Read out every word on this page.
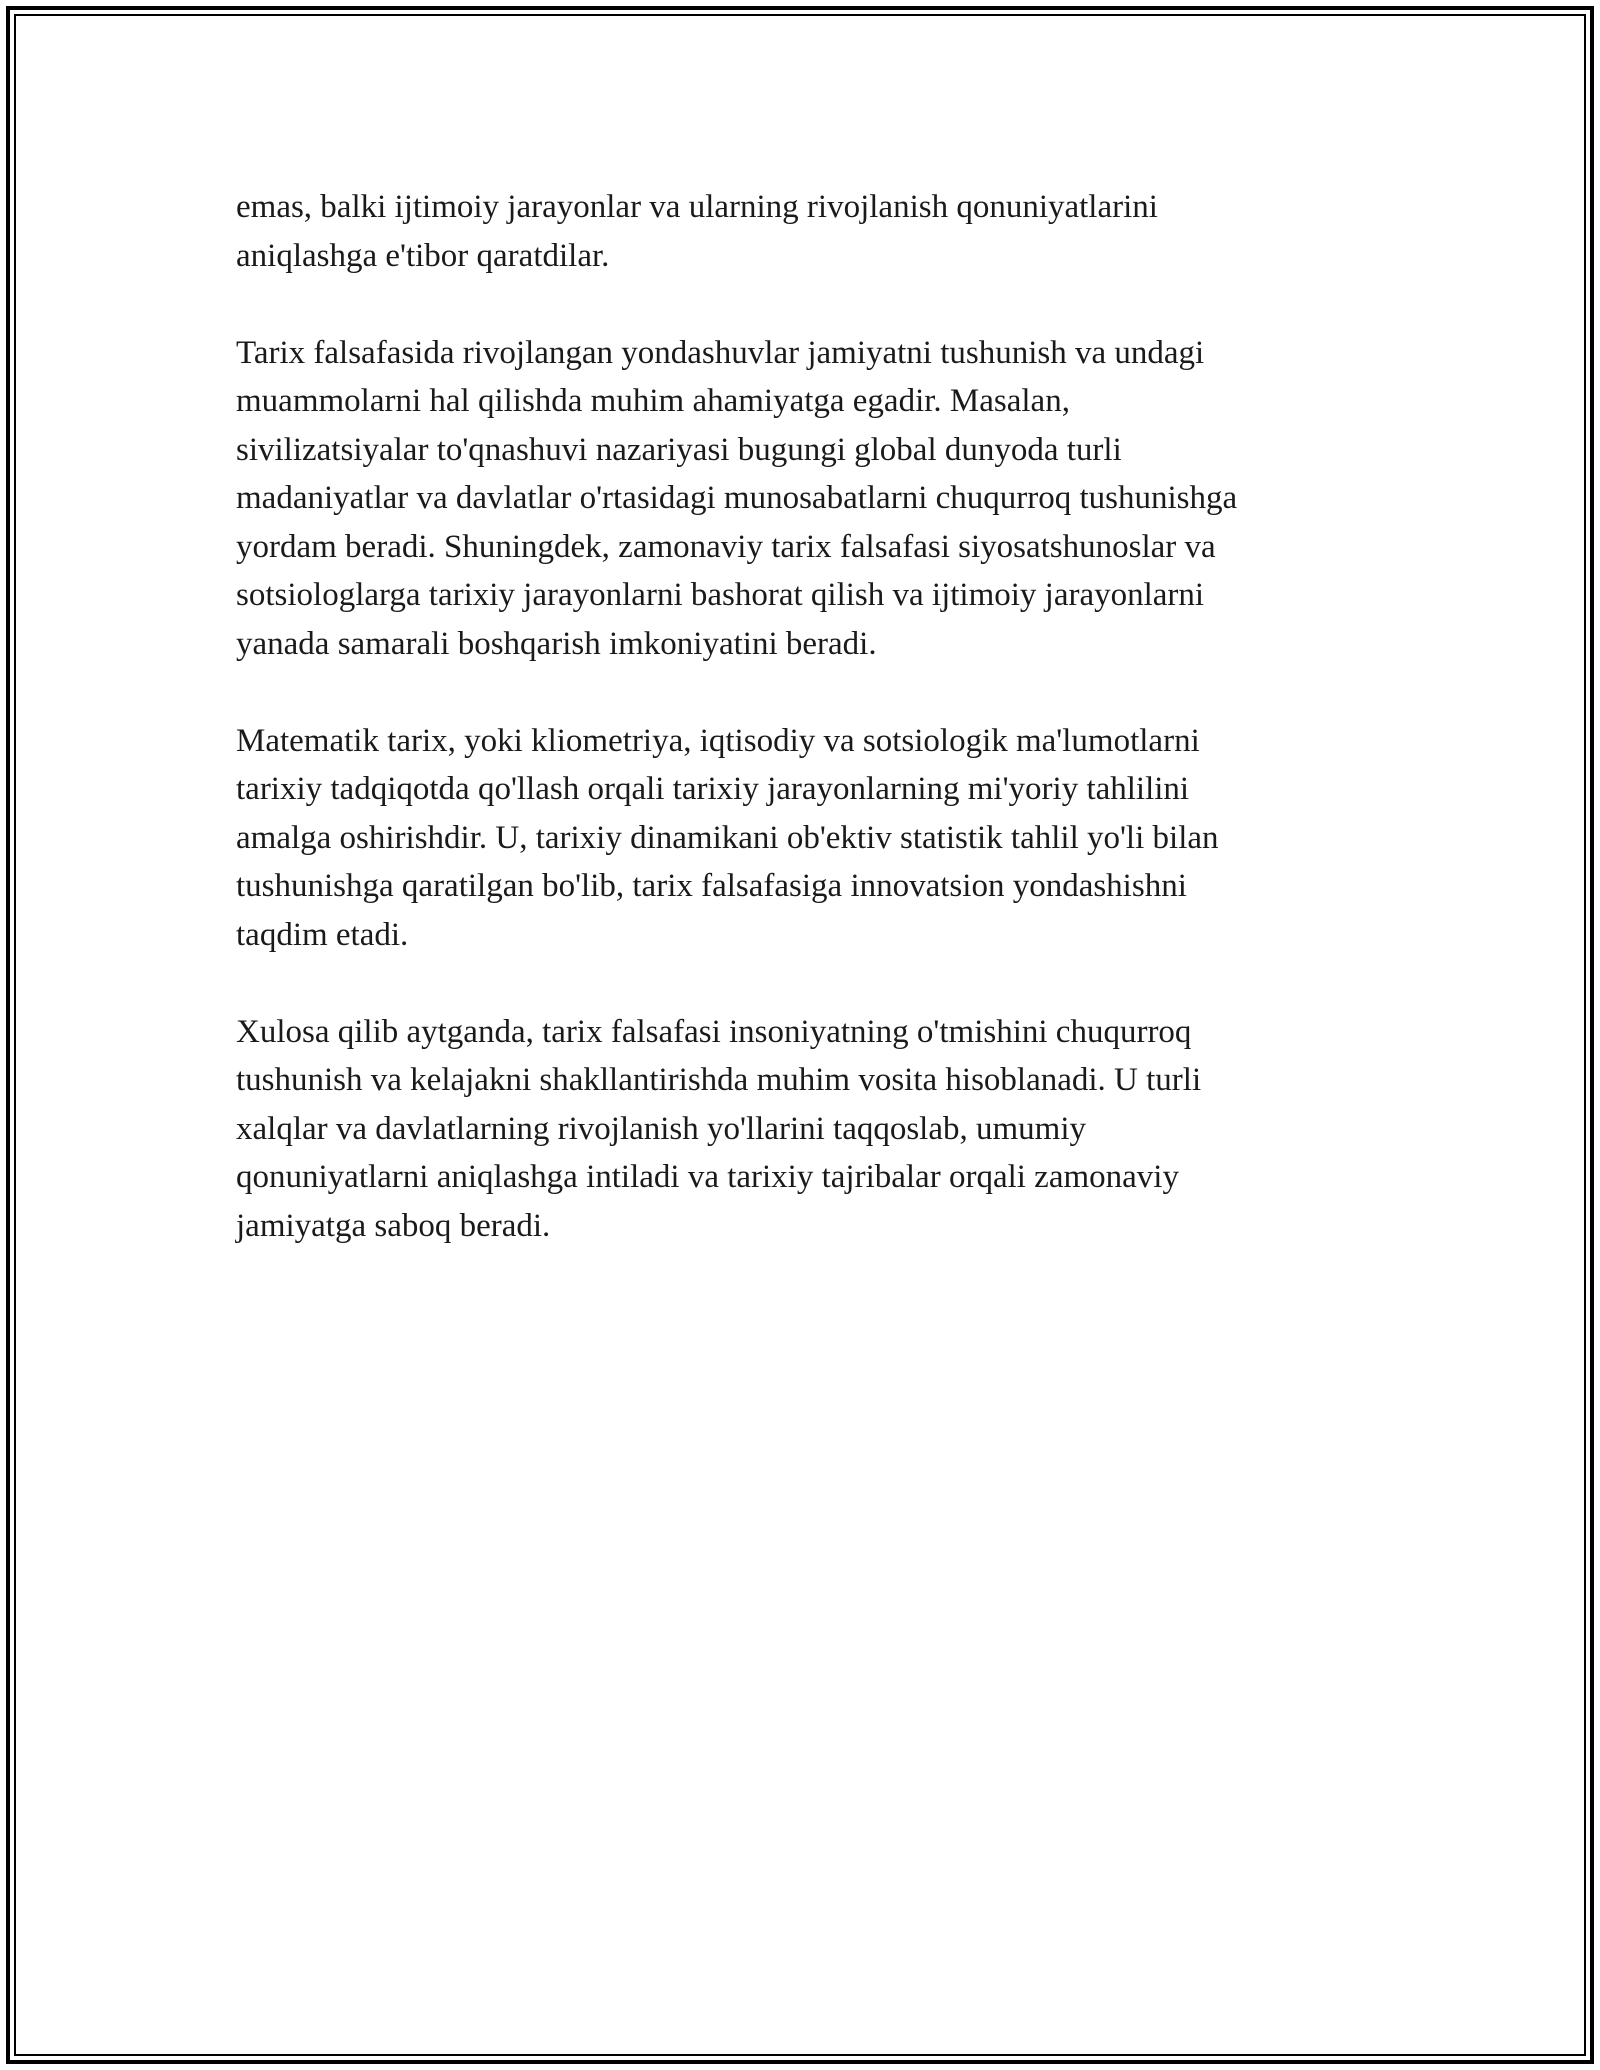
emas, balki ijtimoiy jarayonlar va ularning rivojlanish qonuniyatlarini
aniqlashga e'tibor qaratdilar.

Tarix falsafasida rivojlangan yondashuvlar jamiyatni tushunish va undagi
muammolarni hal qilishda muhim ahamiyatga egadir. Masalan,
sivilizatsiyalar to'qnashuvi nazariyasi bugungi global dunyoda turli
madaniyatlar va davlatlar o'rtasidagi munosabatlarni chuqurroq tushunishga
yordam beradi. Shuningdek, zamonaviy tarix falsafasi siyosatshunoslar va
sotsiologlarga tarixiy jarayonlarni bashorat qilish va ijtimoiy jarayonlarni
yanada samarali boshqarish imkoniyatini beradi.

Matematik tarix, yoki kliometriya, iqtisodiy va sotsiologik ma'lumotlarni
tarixiy tadqiqotda qo'llash orqali tarixiy jarayonlarning mi'yoriy tahlilini
amalga oshirishdir. U, tarixiy dinamikani ob'ektiv statistik tahlil yo'li bilan
tushunishga qaratilgan bo'lib, tarix falsafasiga innovatsion yondashishni
taqdim etadi.

Xulosa qilib aytganda, tarix falsafasi insoniyatning o'tmishini chuqurroq
tushunish va kelajakni shakllantirishda muhim vosita hisoblanadi. U turli
xalqlar va davlatlarning rivojlanish yo'llarini taqqoslab, umumiy
qonuniyatlarni aniqlashga intiladi va tarixiy tajribalar orqali zamonaviy
jamiyatga saboq beradi.
